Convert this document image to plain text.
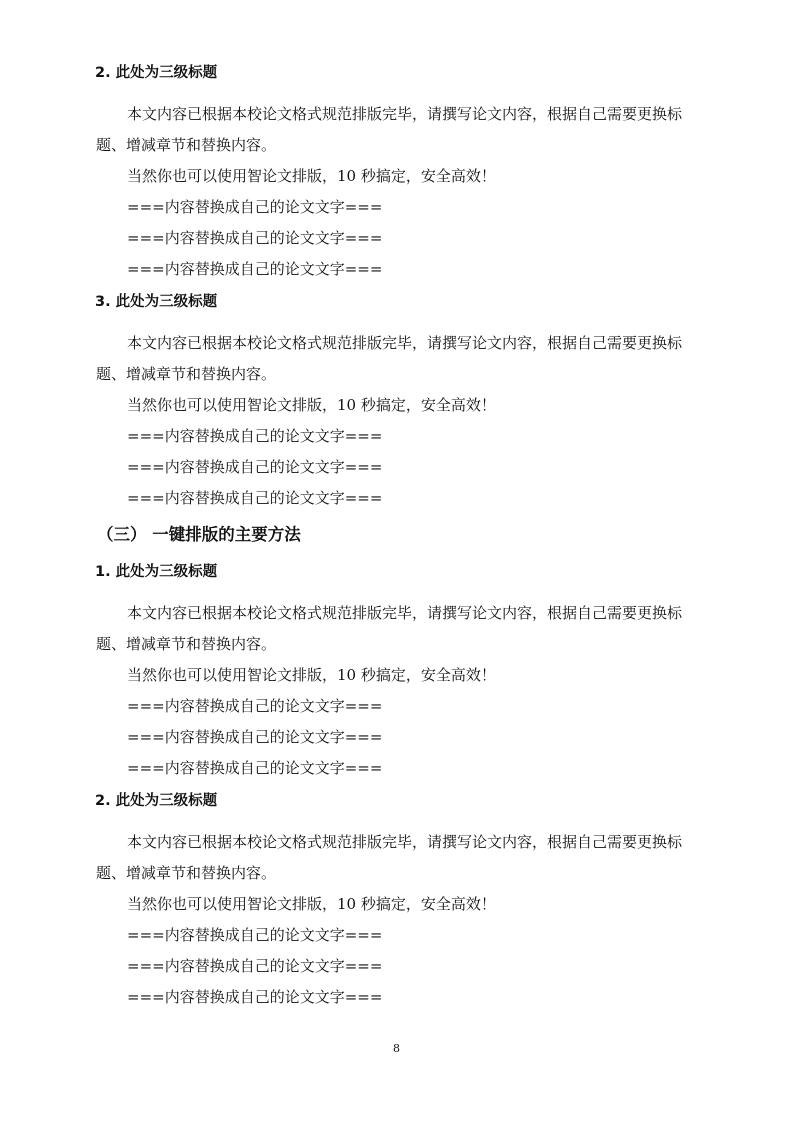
2. 此处为三级标题
本文内容已根据本校论文格式规范排版完毕，请撰写论文内容，根据自己需要更换标
题、增减章节和替换内容。
当然你也可以使用智论文排版，10 秒搞定，安全高效！
===内容替换成自己的论文文字===
===内容替换成自己的论文文字===
===内容替换成自己的论文文字===
3. 此处为三级标题
本文内容已根据本校论文格式规范排版完毕，请撰写论文内容，根据自己需要更换标
题、增减章节和替换内容。
当然你也可以使用智论文排版，10 秒搞定，安全高效！
===内容替换成自己的论文文字===
===内容替换成自己的论文文字===
===内容替换成自己的论文文字===
（三） 一键排版的主要方法
1. 此处为三级标题
本文内容已根据本校论文格式规范排版完毕，请撰写论文内容，根据自己需要更换标
题、增减章节和替换内容。
当然你也可以使用智论文排版，10 秒搞定，安全高效！
===内容替换成自己的论文文字===
===内容替换成自己的论文文字===
===内容替换成自己的论文文字===
2. 此处为三级标题
本文内容已根据本校论文格式规范排版完毕，请撰写论文内容，根据自己需要更换标
题、增减章节和替换内容。
当然你也可以使用智论文排版，10 秒搞定，安全高效！
===内容替换成自己的论文文字===
===内容替换成自己的论文文字===
===内容替换成自己的论文文字===
8
